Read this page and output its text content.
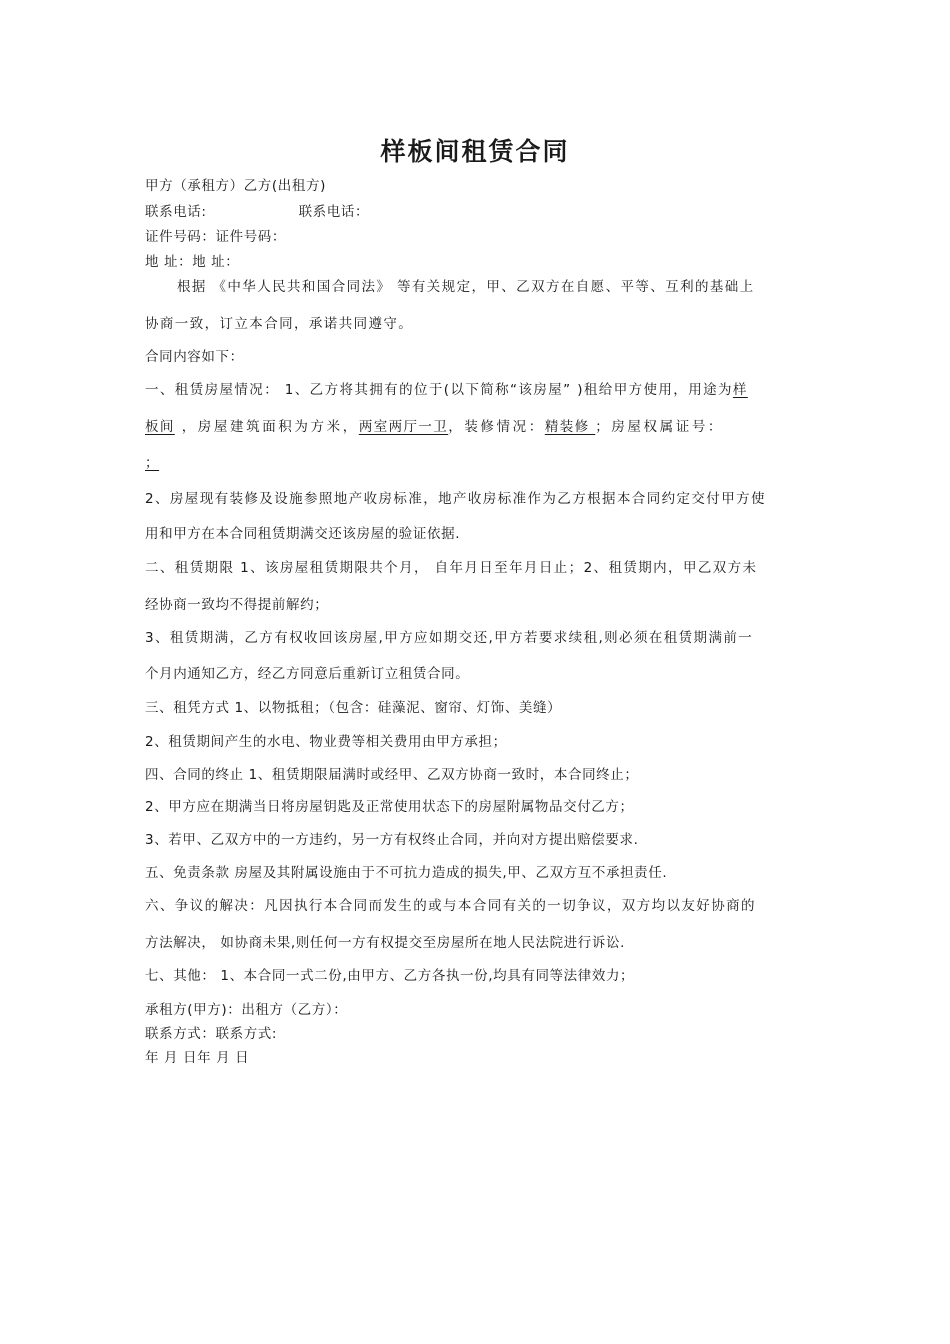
样板间租赁合同
甲方（承租方）乙方(出租方)
联系电话:	联系电话：
证件号码：证件号码：
地 址：地 址：
根据 《中华人民共和国合同法》 等有关规定，甲、乙双方在自愿、平等、互利的基础上
协商一致，订立本合同，承诺共同遵守。
合同内容如下：
一、租赁房屋情况： 1、乙方将其拥有的位于(以下简称“该房屋” )租给甲方使用，用途为样
板间 ，房屋建筑面积为方米，两室两厅一卫，装修情况：精装修 ；房屋权属证号：
；
2、房屋现有装修及设施参照地产收房标准，地产收房标准作为乙方根据本合同约定交付甲方使
用和甲方在本合同租赁期满交还该房屋的验证依据.
二、租赁期限 1、该房屋租赁期限共个月， 自年月日至年月日止；2、租赁期内，甲乙双方未
经协商一致均不得提前解约；
3、租赁期满，乙方有权收回该房屋,甲方应如期交还,甲方若要求续租,则必须在租赁期满前一
个月内通知乙方，经乙方同意后重新订立租赁合同。
三、租凭方式 1、以物抵租；（包含：硅藻泥、窗帘、灯饰、美缝）
2、租赁期间产生的水电、物业费等相关费用由甲方承担；
四、合同的终止 1、租赁期限届满时或经甲、乙双方协商一致时，本合同终止；
2、甲方应在期满当日将房屋钥匙及正常使用状态下的房屋附属物品交付乙方；
3、若甲、乙双方中的一方违约，另一方有权终止合同，并向对方提出赔偿要求.
五、免责条款 房屋及其附属设施由于不可抗力造成的损失,甲、乙双方互不承担责任.
六、争议的解决：凡因执行本合同而发生的或与本合同有关的一切争议，双方均以友好协商的
方法解决， 如协商未果,则任何一方有权提交至房屋所在地人民法院进行诉讼.
七、其他： 1、本合同一式二份,由甲方、乙方各执一份,均具有同等法律效力；
承租方(甲方)：出租方（乙方）：
联系方式：联系方式:
年 月 日年 月 日
